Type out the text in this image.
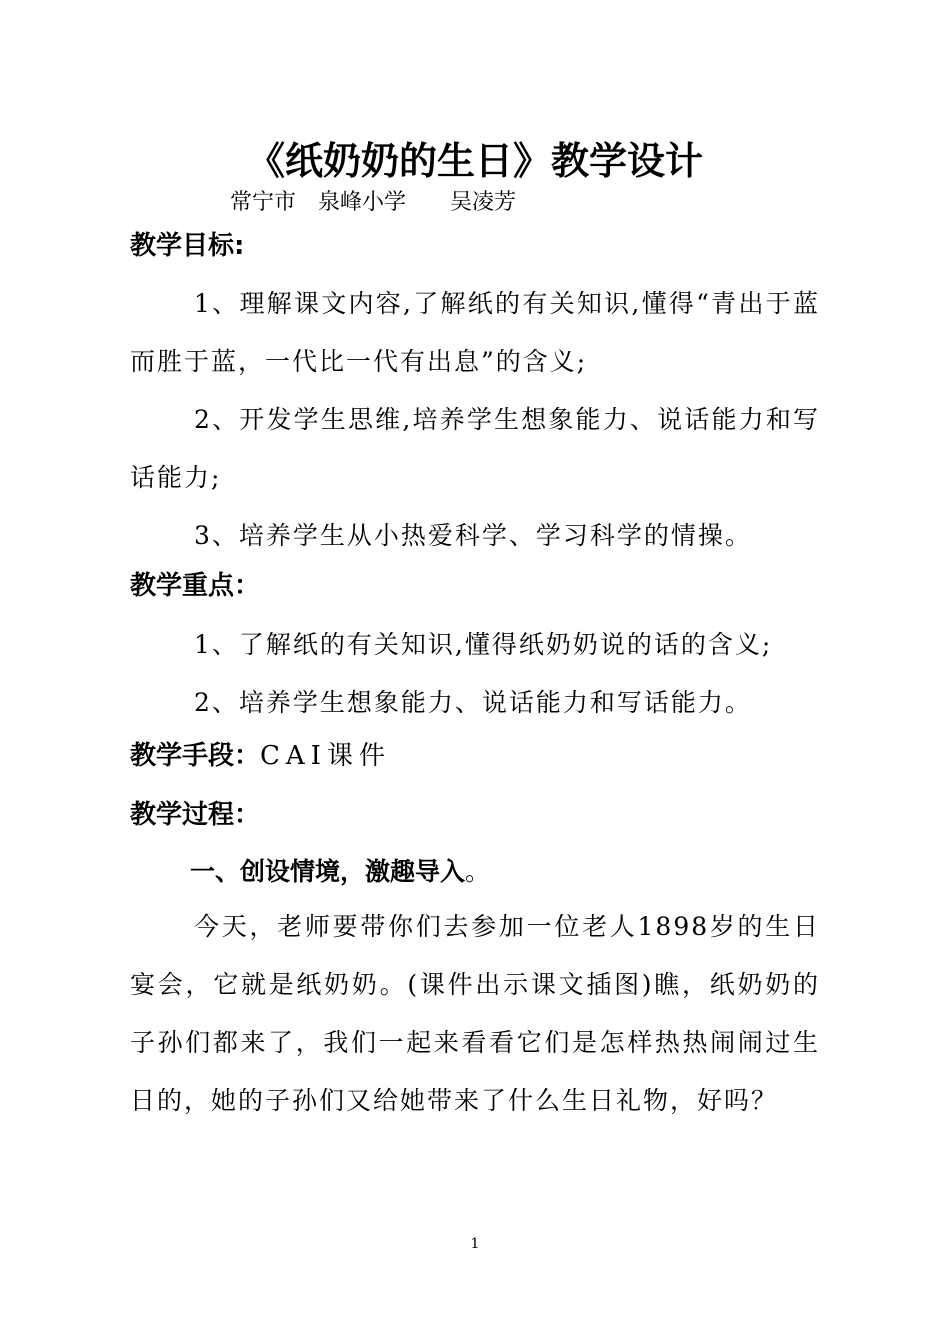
《纸奶奶的生日》教学设计
常宁市　泉峰小学　　吴凌芳
教学目标:

1、理解课文内容,了解纸的有关知识,懂得“青出于蓝而胜于蓝，一代比一代有出息”的含义;

2、开发学生思维,培养学生想象能力、说话能力和写话能力;

3、培养学生从小热爱科学、学习科学的情操。

教学重点：

1、了解纸的有关知识,懂得纸奶奶说的话的含义;

2、培养学生想象能力、说话能力和写话能力。

教学手段：CAI课件
教学过程：
一、创设情境，激趣导入。

今天，老师要带你们去参加一位老人1898岁的生日宴会，它就是纸奶奶。(课件出示课文插图)瞧，纸奶奶的子孙们都来了，我们一起来看看它们是怎样热热闹闹过生日的，她的子孙们又给她带来了什么生日礼物，好吗？

1
